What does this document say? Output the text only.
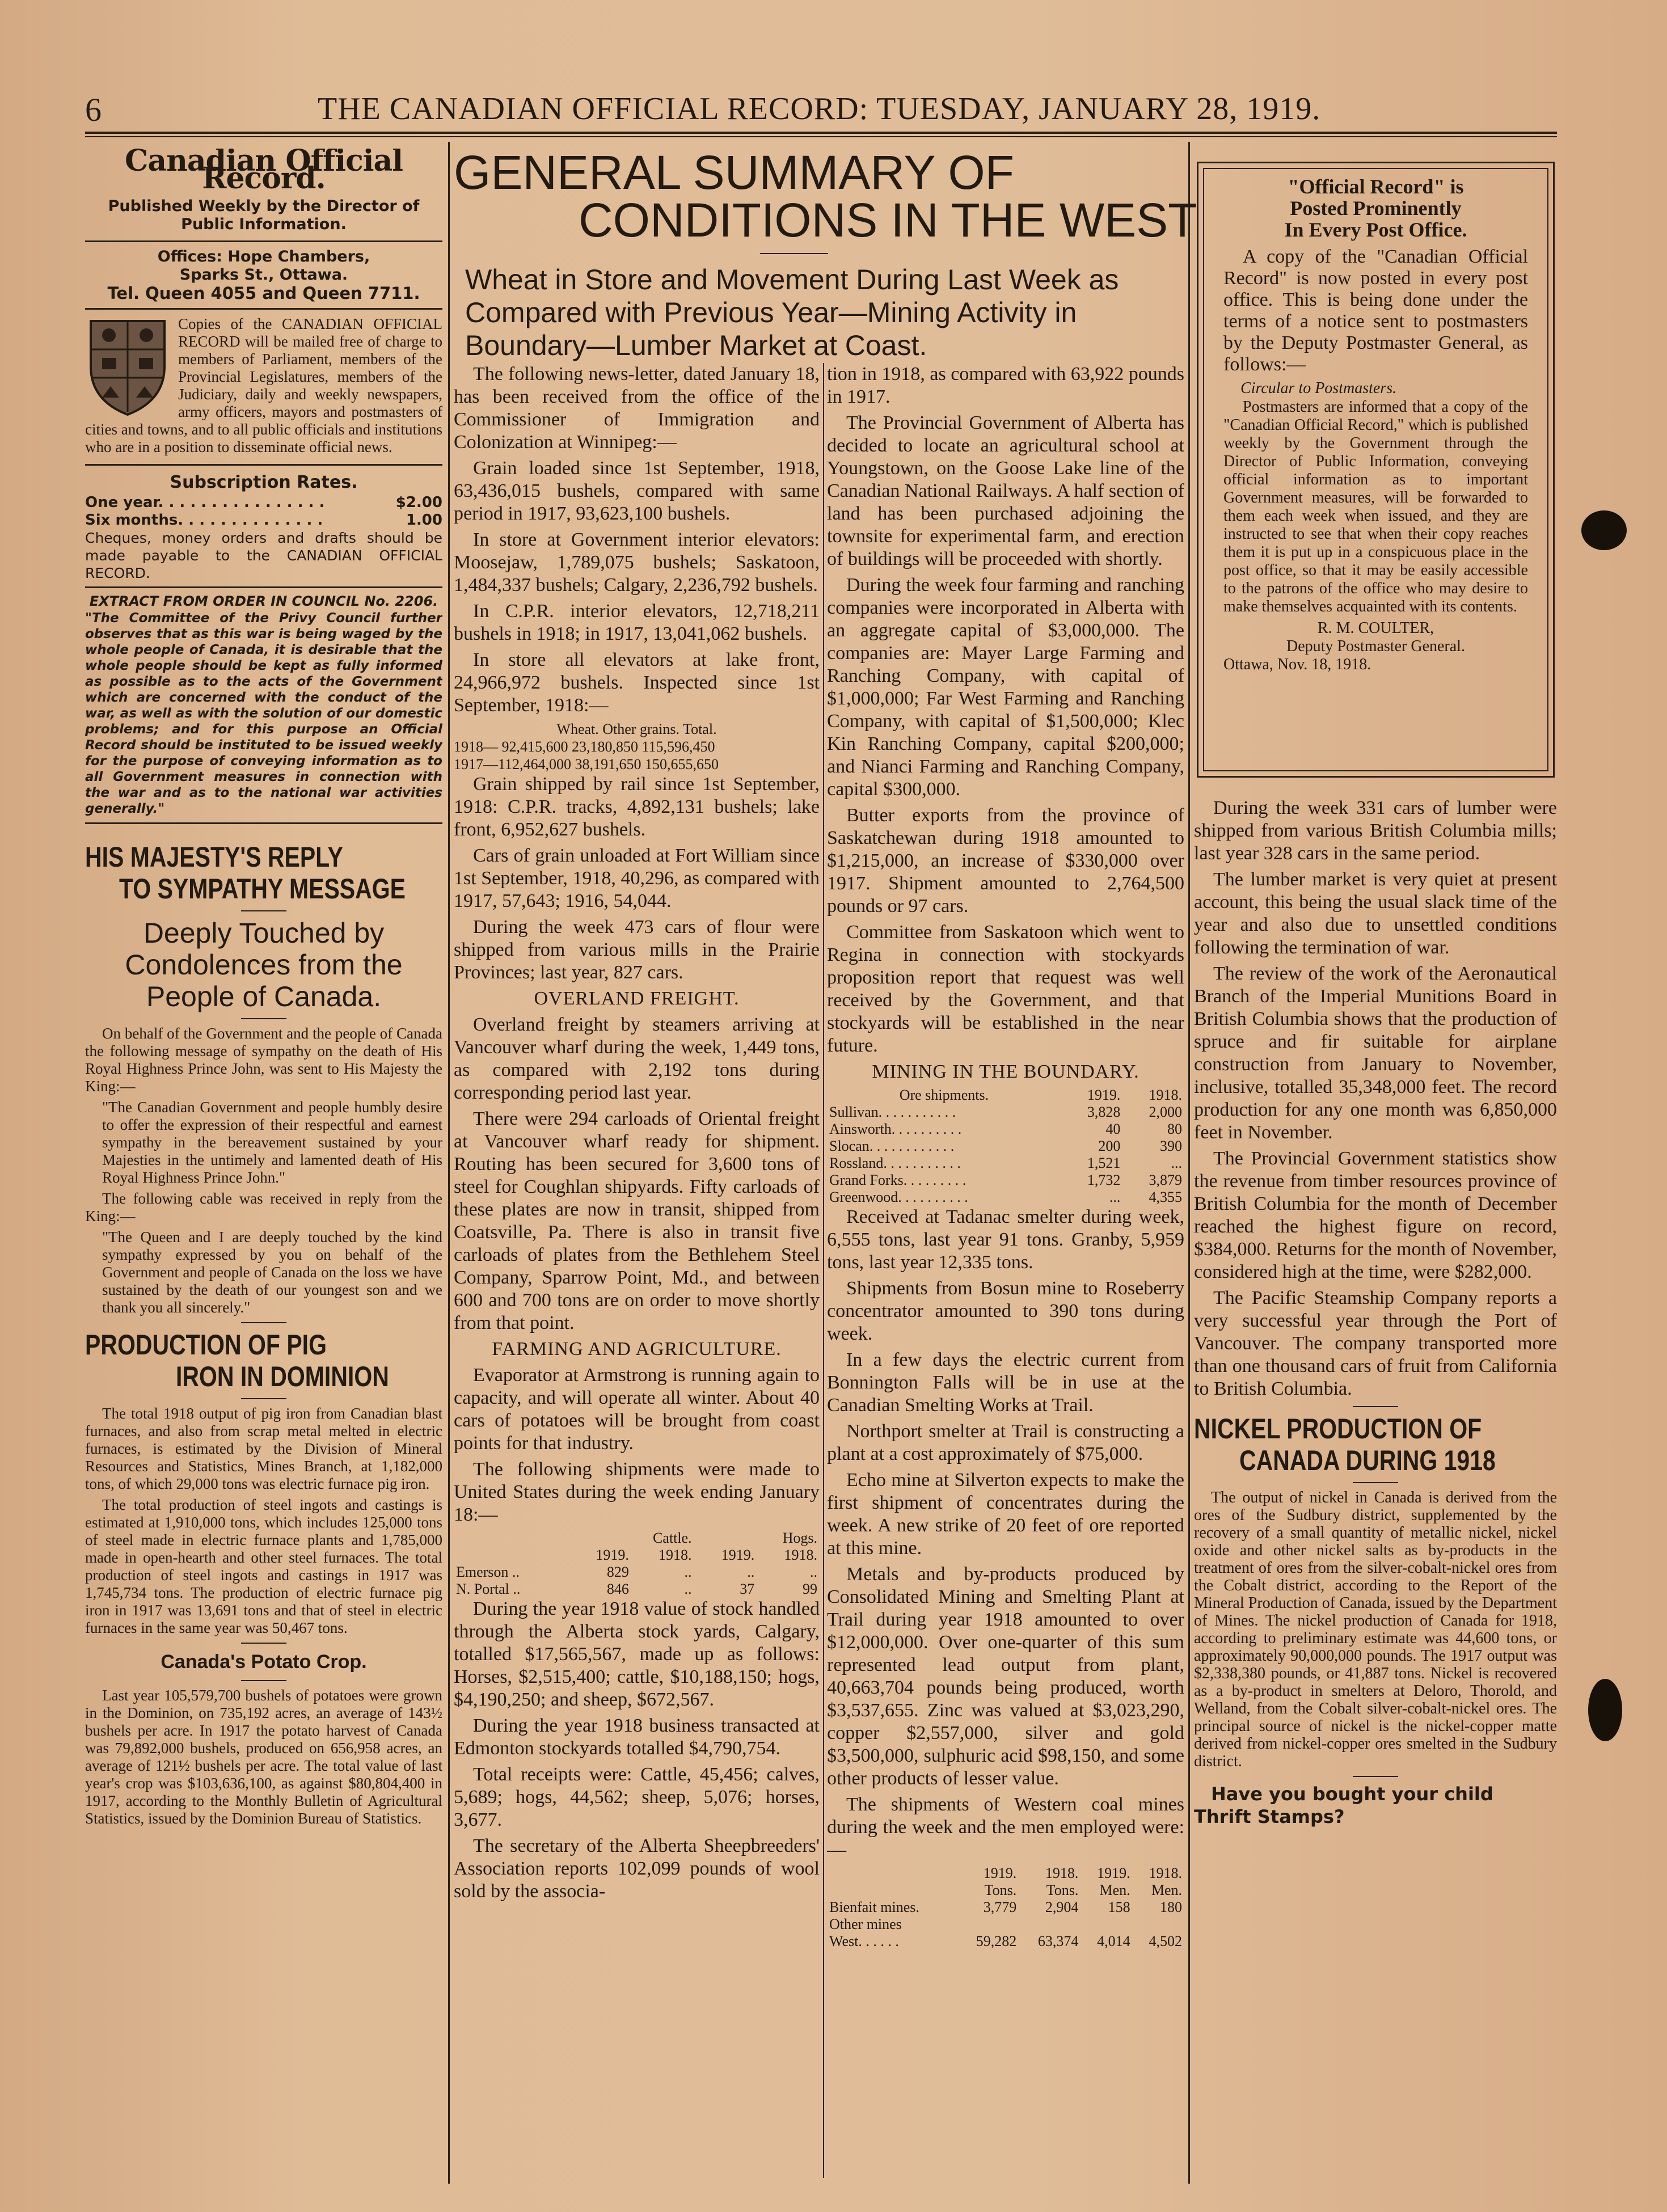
6	THE CANADIAN OFFICIAL RECORD: TUESDAY, JANUARY 28, 1919.
Canadian Official Record.
Published Weekly by the Director of Public Information.
Offices: Hope Chambers,
Sparks St., Ottawa.
Tel. Queen 4055 and Queen 7711.
Copies of the CANADIAN OFFICIAL RECORD will be mailed free of charge to members of Parliament, members of the Provincial Legislatures, members of the Judiciary, daily and weekly newspapers, army officers, mayors and postmasters of cities and towns, and to all public officials and institutions who are in a position to disseminate official news.
Subscription Rates.
One year. . . . . . . . . . . . . . . .	$2.00
Six months. . . . . . . . . . . . . .	1.00

Cheques, money orders and drafts should be made payable to the CANADIAN OFFICIAL RECORD.

EXTRACT FROM ORDER IN COUNCIL No. 2206.

"The Committee of the Privy Council further observes that as this war is being waged by the whole people of Canada, it is desirable that the whole people should be kept as fully informed as possible as to the acts of the Government which are concerned with the conduct of the war, as well as with the solution of our domestic problems; and for this purpose an Official Record should be instituted to be issued weekly for the purpose of conveying information as to all Government measures in connection with the war and as to the national war activities generally."

HIS MAJESTY'S REPLY
TO SYMPATHY MESSAGE
Deeply Touched by Condolences from the People of Canada.

On behalf of the Government and the people of Canada the following message of sympathy on the death of His Royal Highness Prince John, was sent to His Majesty the King:—

"The Canadian Government and people humbly desire to offer the expression of their respectful and earnest sympathy in the bereavement sustained by your Majesties in the untimely and lamented death of His Royal Highness Prince John."

The following cable was received in reply from the King:—

"The Queen and I are deeply touched by the kind sympathy expressed by you on behalf of the Government and people of Canada on the loss we have sustained by the death of our youngest son and we thank you all sincerely."

PRODUCTION OF PIG
IRON IN DOMINION

The total 1918 output of pig iron from Canadian blast furnaces, and also from scrap metal melted in electric furnaces, is estimated by the Division of Mineral Resources and Statistics, Mines Branch, at 1,182,000 tons, of which 29,000 tons was electric furnace pig iron.

The total production of steel ingots and castings is estimated at 1,910,000 tons, which includes 125,000 tons of steel made in electric furnace plants and 1,785,000 made in open-hearth and other steel furnaces. The total production of steel ingots and castings in 1917 was 1,745,734 tons. The production of electric furnace pig iron in 1917 was 13,691 tons and that of steel in electric furnaces in the same year was 50,467 tons.

Canada's Potato Crop.

Last year 105,579,700 bushels of potatoes were grown in the Dominion, on 735,192 acres, an average of 143½ bushels per acre. In 1917 the potato harvest of Canada was 79,892,000 bushels, produced on 656,958 acres, an average of 121½ bushels per acre. The total value of last year's crop was $103,636,100, as against $80,804,400 in 1917, according to the Monthly Bulletin of Agricultural Statistics, issued by the Dominion Bureau of Statistics.

GENERAL SUMMARY OF
CONDITIONS IN THE WEST
Wheat in Store and Movement During Last Week as Compared with Previous Year—Mining Activity in Boundary—Lumber Market at Coast.

The following news-letter, dated January 18, has been received from the office of the Commissioner of Immigration and Colonization at Winnipeg:—

Grain loaded since 1st September, 1918, 63,436,015 bushels, compared with same period in 1917, 93,623,100 bushels.

In store at Government interior elevators: Moosejaw, 1,789,075 bushels; Saskatoon, 1,484,337 bushels; Calgary, 2,236,792 bushels.

In C.P.R. interior elevators, 12,718,211 bushels in 1918; in 1917, 13,041,062 bushels.

In store all elevators at lake front, 24,966,972 bushels. Inspected since 1st September, 1918:—

Wheat. Other grains. Total.
1918— 92,415,600 23,180,850 115,596,450
1917—112,464,000 38,191,650 150,655,650

Grain shipped by rail since 1st September, 1918: C.P.R. tracks, 4,892,131 bushels; lake front, 6,952,627 bushels.

Cars of grain unloaded at Fort William since 1st September, 1918, 40,296, as compared with 1917, 57,643; 1916, 54,044.

During the week 473 cars of flour were shipped from various mills in the Prairie Provinces; last year, 827 cars.

OVERLAND FREIGHT.

Overland freight by steamers arriving at Vancouver wharf during the week, 1,449 tons, as compared with 2,192 tons during corresponding period last year.

There were 294 carloads of Oriental freight at Vancouver wharf ready for shipment. Routing has been secured for 3,600 tons of steel for Coughlan shipyards. Fifty carloads of these plates are now in transit, shipped from Coatsville, Pa. There is also in transit five carloads of plates from the Bethlehem Steel Company, Sparrow Point, Md., and between 600 and 700 tons are on order to move shortly from that point.

FARMING AND AGRICULTURE.

Evaporator at Armstrong is running again to capacity, and will operate all winter. About 40 cars of potatoes will be brought from coast points for that industry.

The following shipments were made to United States during the week ending January 18:—

	Cattle.		Hogs.	
	1919.	1918.	1919.	1918.
Emerson ..	829	..	..	..
N. Portal ..	846	..	37	99

During the year 1918 value of stock handled through the Alberta stock yards, Calgary, totalled $17,565,567, made up as follows: Horses, $2,515,400; cattle, $10,188,150; hogs, $4,190,250; and sheep, $672,567.

During the year 1918 business transacted at Edmonton stockyards totalled $4,790,754.

Total receipts were: Cattle, 45,456; calves, 5,689; hogs, 44,562; sheep, 5,076; horses, 3,677.

The secretary of the Alberta Sheepbreeders' Association reports 102,099 pounds of wool sold by the associa-

tion in 1918, as compared with 63,922 pounds in 1917.

The Provincial Government of Alberta has decided to locate an agricultural school at Youngstown, on the Goose Lake line of the Canadian National Railways. A half section of land has been purchased adjoining the townsite for experimental farm, and erection of buildings will be proceeded with shortly.

During the week four farming and ranching companies were incorporated in Alberta with an aggregate capital of $3,000,000. The companies are: Mayer Large Farming and Ranching Company, with capital of $1,000,000; Far West Farming and Ranching Company, with capital of $1,500,000; Klec Kin Ranching Company, capital $200,000; and Nianci Farming and Ranching Company, capital $300,000.

Butter exports from the province of Saskatchewan during 1918 amounted to $1,215,000, an increase of $330,000 over 1917. Shipment amounted to 2,764,500 pounds or 97 cars.

Committee from Saskatoon which went to Regina in connection with stockyards proposition report that request was well received by the Government, and that stockyards will be established in the near future.

MINING IN THE BOUNDARY.
Ore shipments.	1919.	1918.
Sullivan. . . . . . . . . . .	3,828	2,000
Ainsworth. . . . . . . . . .	40	80
Slocan. . . . . . . . . . . .	200	390
Rossland. . . . . . . . . . .	1,521	...
Grand Forks. . . . . . . . .	1,732	3,879
Greenwood. . . . . . . . . .	...	4,355

Received at Tadanac smelter during week, 6,555 tons, last year 91 tons. Granby, 5,959 tons, last year 12,335 tons.

Shipments from Bosun mine to Roseberry concentrator amounted to 390 tons during week.

In a few days the electric current from Bonnington Falls will be in use at the Canadian Smelting Works at Trail.

Northport smelter at Trail is constructing a plant at a cost approximately of $75,000.

Echo mine at Silverton expects to make the first shipment of concentrates during the week. A new strike of 20 feet of ore reported at this mine.

Metals and by-products produced by Consolidated Mining and Smelting Plant at Trail during year 1918 amounted to over $12,000,000. Over one-quarter of this sum represented lead output from plant, 40,663,704 pounds being produced, worth $3,537,655. Zinc was valued at $3,023,290, copper $2,557,000, silver and gold $3,500,000, sulphuric acid $98,150, and some other products of lesser value.

The shipments of Western coal mines during the week and the men employed were:—

	1919.	1918.	1919.	1918.
	Tons.	Tons.	Men.	Men.
Bienfait mines.	3,779	2,904	158	180
Other mines				
West. . . . . .	59,282	63,374	4,014	4,502
"Official Record" is
Posted Prominently
In Every Post Office.

A copy of the "Canadian Official Record" is now posted in every post office. This is being done under the terms of a notice sent to postmasters by the Deputy Postmaster General, as follows:—

Circular to Postmasters.

Postmasters are informed that a copy of the "Canadian Official Record," which is published weekly by the Government through the Director of Public Information, conveying official information as to important Government measures, will be forwarded to them each week when issued, and they are instructed to see that when their copy reaches them it is put up in a conspicuous place in the post office, so that it may be easily accessible to the patrons of the office who may desire to make themselves acquainted with its contents.

R. M. COULTER,
Deputy Postmaster General.
Ottawa, Nov. 18, 1918.

During the week 331 cars of lumber were shipped from various British Columbia mills; last year 328 cars in the same period.

The lumber market is very quiet at present account, this being the usual slack time of the year and also due to unsettled conditions following the termination of war.

The review of the work of the Aeronautical Branch of the Imperial Munitions Board in British Columbia shows that the production of spruce and fir suitable for airplane construction from January to November, inclusive, totalled 35,348,000 feet. The record production for any one month was 6,850,000 feet in November.

The Provincial Government statistics show the revenue from timber resources province of British Columbia for the month of December reached the highest figure on record, $384,000. Returns for the month of November, considered high at the time, were $282,000.

The Pacific Steamship Company reports a very successful year through the Port of Vancouver. The company transported more than one thousand cars of fruit from California to British Columbia.

NICKEL PRODUCTION OF
CANADA DURING 1918

The output of nickel in Canada is derived from the ores of the Sudbury district, supplemented by the recovery of a small quantity of metallic nickel, nickel oxide and other nickel salts as by-products in the treatment of ores from the silver-cobalt-nickel ores from the Cobalt district, according to the Report of the Mineral Production of Canada, issued by the Department of Mines. The nickel production of Canada for 1918, according to preliminary estimate was 44,600 tons, or approximately 90,000,000 pounds. The 1917 output was $2,338,380 pounds, or 41,887 tons. Nickel is recovered as a by-product in smelters at Deloro, Thorold, and Welland, from the Cobalt silver-cobalt-nickel ores. The principal source of nickel is the nickel-copper matte derived from nickel-copper ores smelted in the Sudbury district.

Have you bought your child
Thrift Stamps?
